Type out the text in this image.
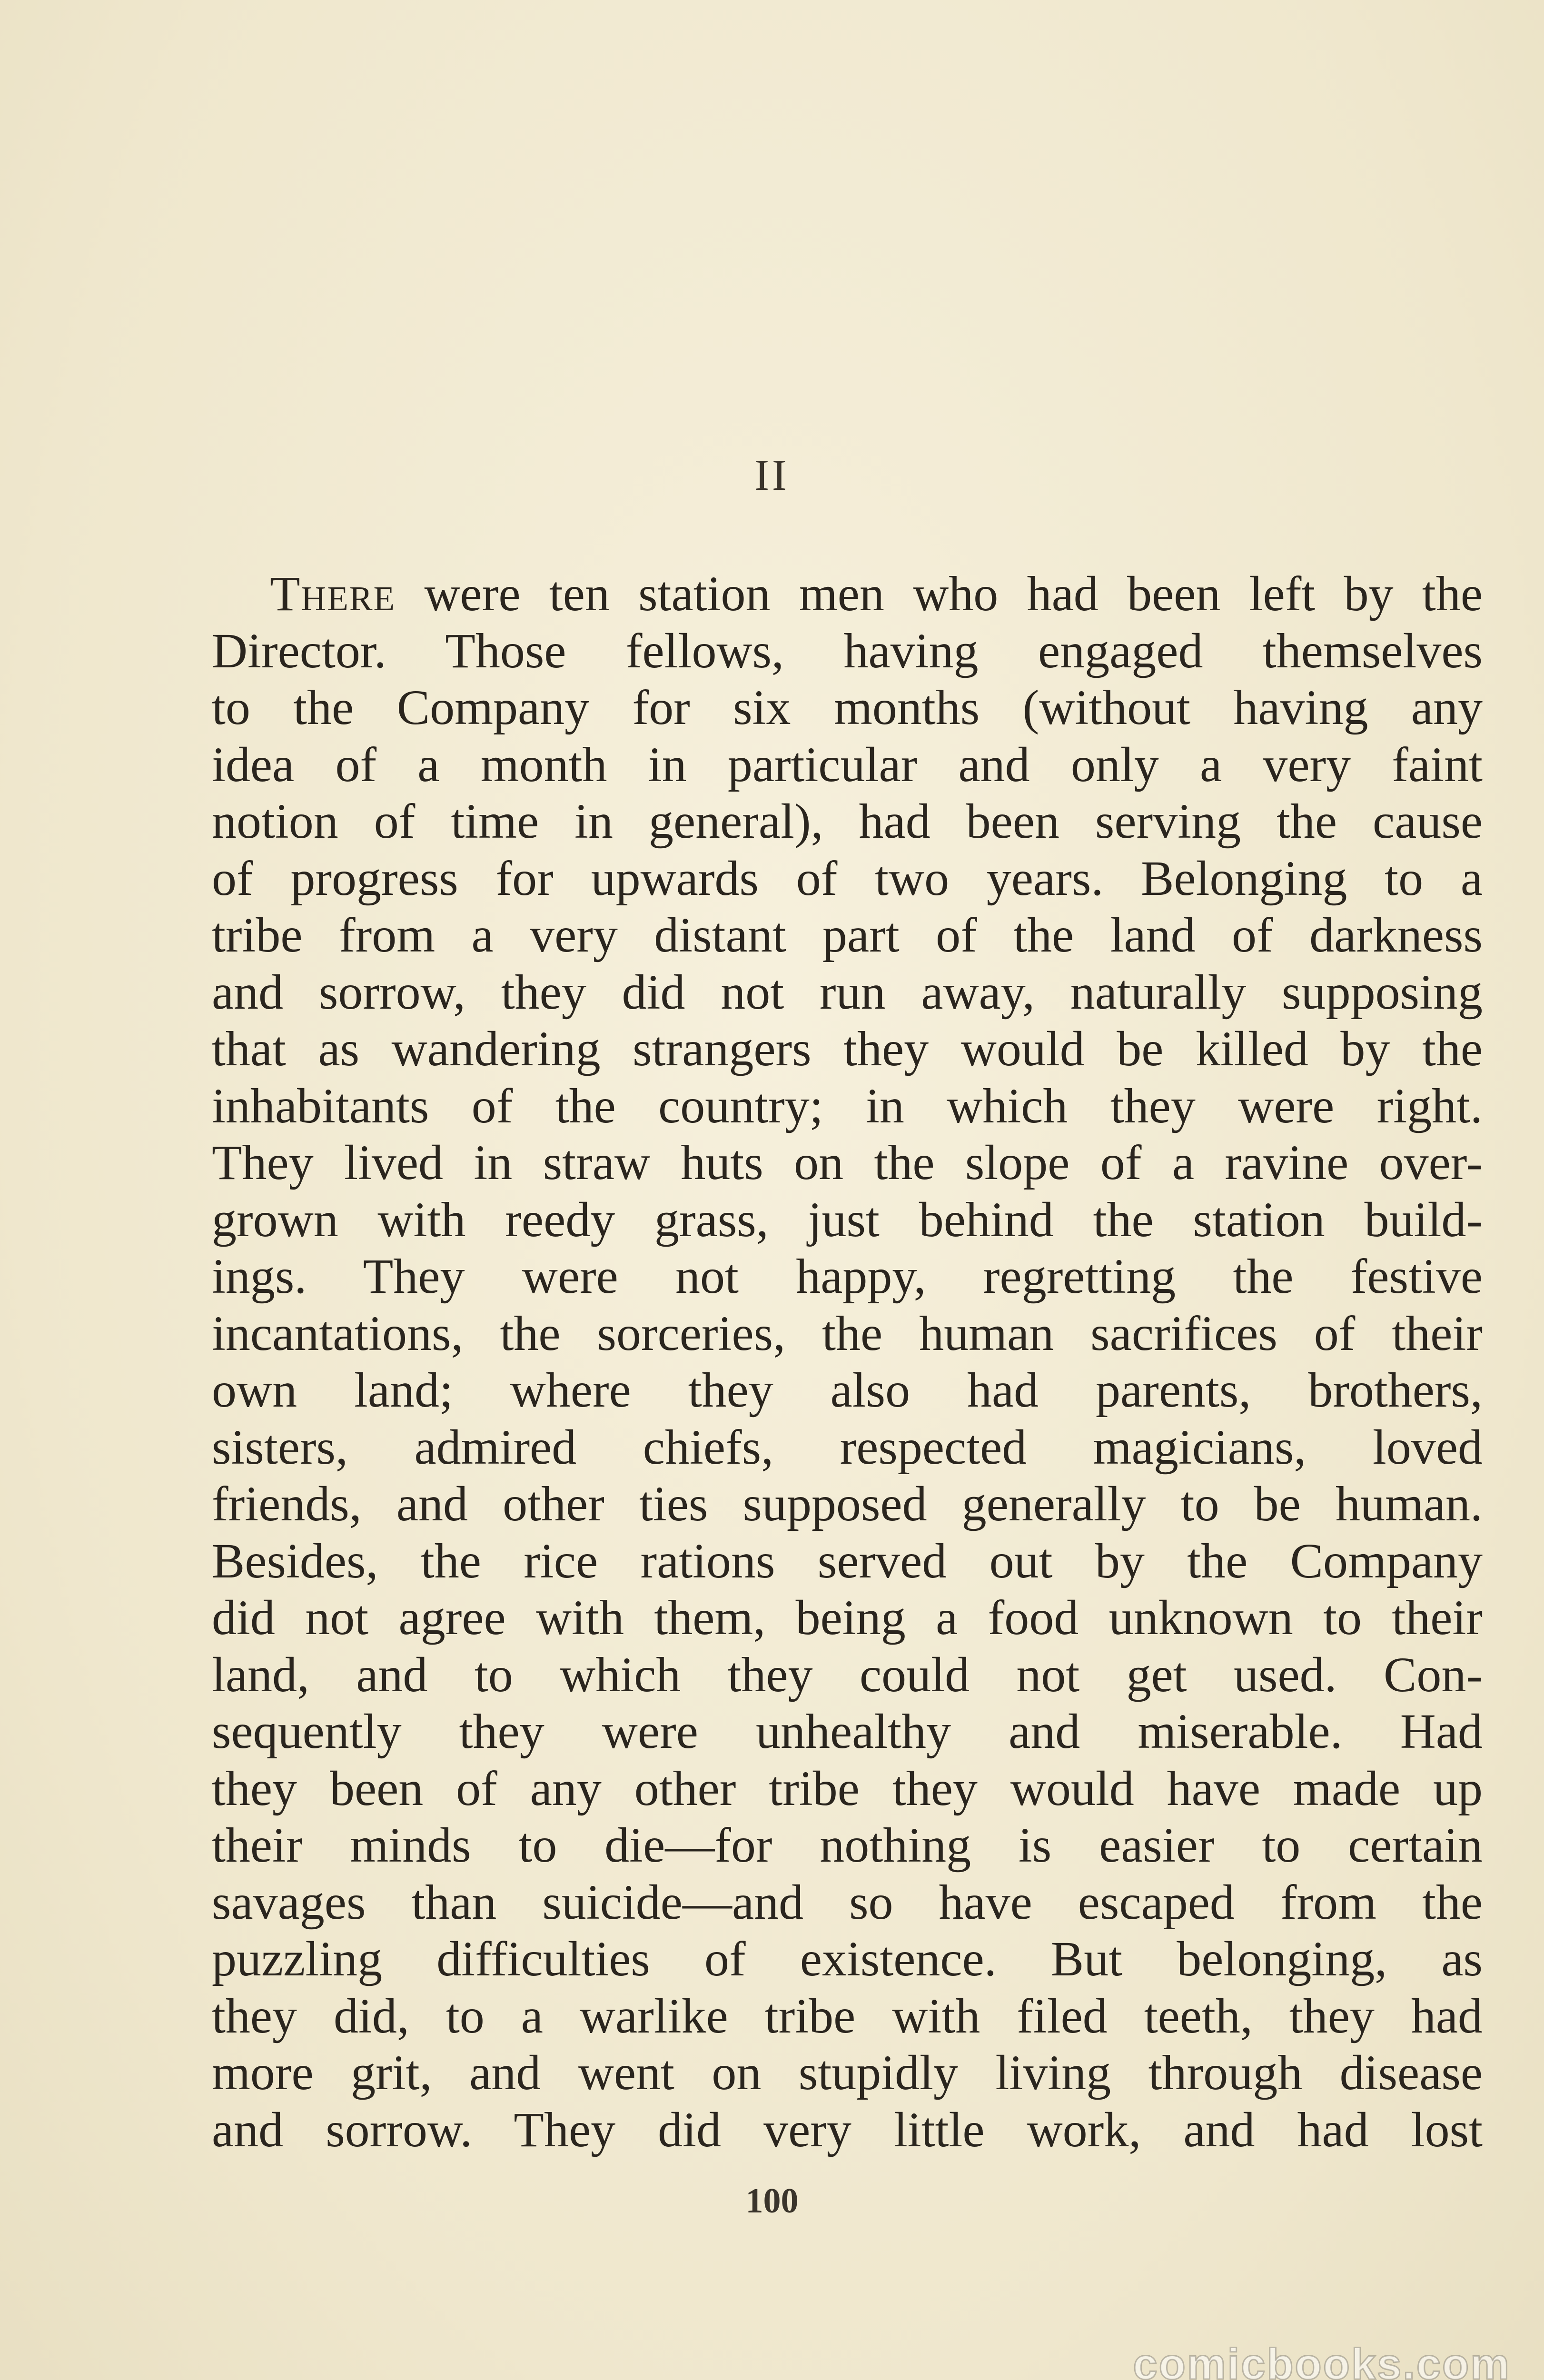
II
There were ten station men who had been left by the
Director. Those fellows, having engaged themselves
to the Company for six months (without having any
idea of a month in particular and only a very faint
notion of time in general), had been serving the cause
of progress for upwards of two years. Belonging to a
tribe from a very distant part of the land of darkness
and sorrow, they did not run away, naturally supposing
that as wandering strangers they would be killed by the
inhabitants of the country; in which they were right.
They lived in straw huts on the slope of a ravine over-
grown with reedy grass, just behind the station build-
ings. They were not happy, regretting the festive
incantations, the sorceries, the human sacrifices of their
own land; where they also had parents, brothers,
sisters, admired chiefs, respected magicians, loved
friends, and other ties supposed generally to be human.
Besides, the rice rations served out by the Company
did not agree with them, being a food unknown to their
land, and to which they could not get used. Con-
sequently they were unhealthy and miserable. Had
they been of any other tribe they would have made up
their minds to die—for nothing is easier to certain
savages than suicide—and so have escaped from the
puzzling difficulties of existence. But belonging, as
they did, to a warlike tribe with filed teeth, they had
more grit, and went on stupidly living through disease
and sorrow. They did very little work, and had lost
100
comicbooks.com
